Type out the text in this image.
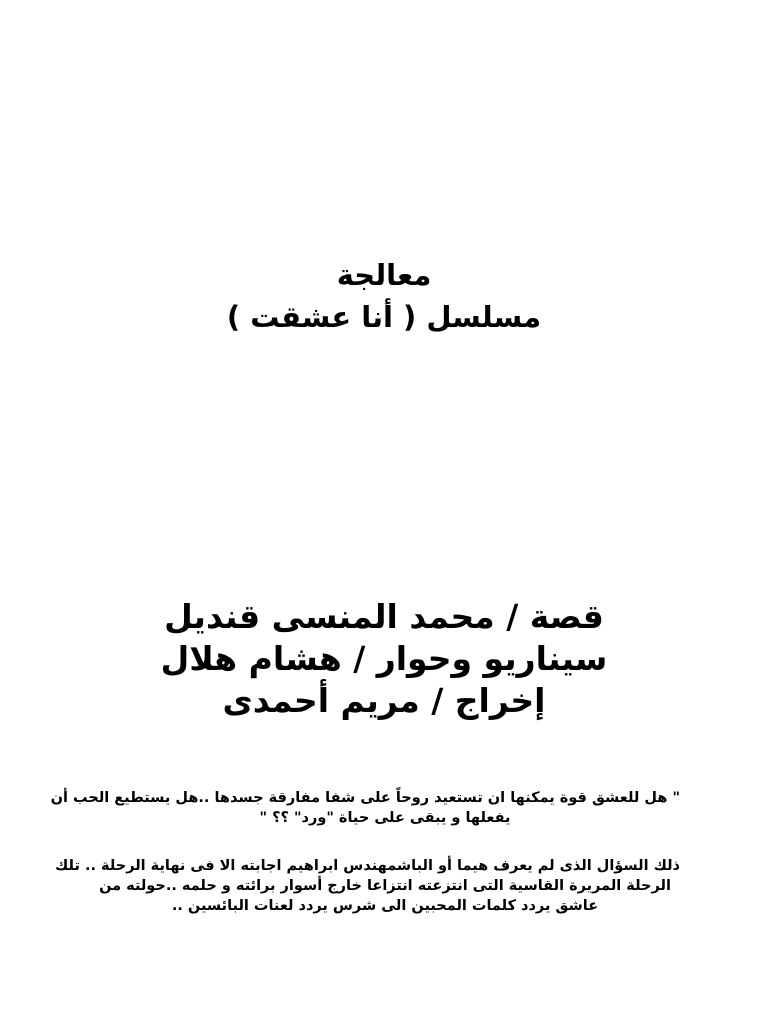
معالجة
مسلسل ( أنا عشقت )
قصة / محمد المنسى قنديل
سيناريو وحوار / هشام هلال
إخراج / مريم أحمدى
" هل للعشق قوة يمكنها ان تستعيد روحاً على شفا مفارقة جسدها ..هل يستطيع الحب أن
يفعلها و يبقى على حياة "ورد" ؟؟ "
ذلك السؤال الذى لم يعرف هيما أو الباشمهندس ابراهيم اجابته الا فى نهاية الرحلة .. تلك
الرحلة المريرة القاسية التى انتزعته انتزاعا خارج أسوار برائته و حلمه ..حولته من
عاشق يردد كلمات المحبين الى شرس يردد لعنات البائسين ..
